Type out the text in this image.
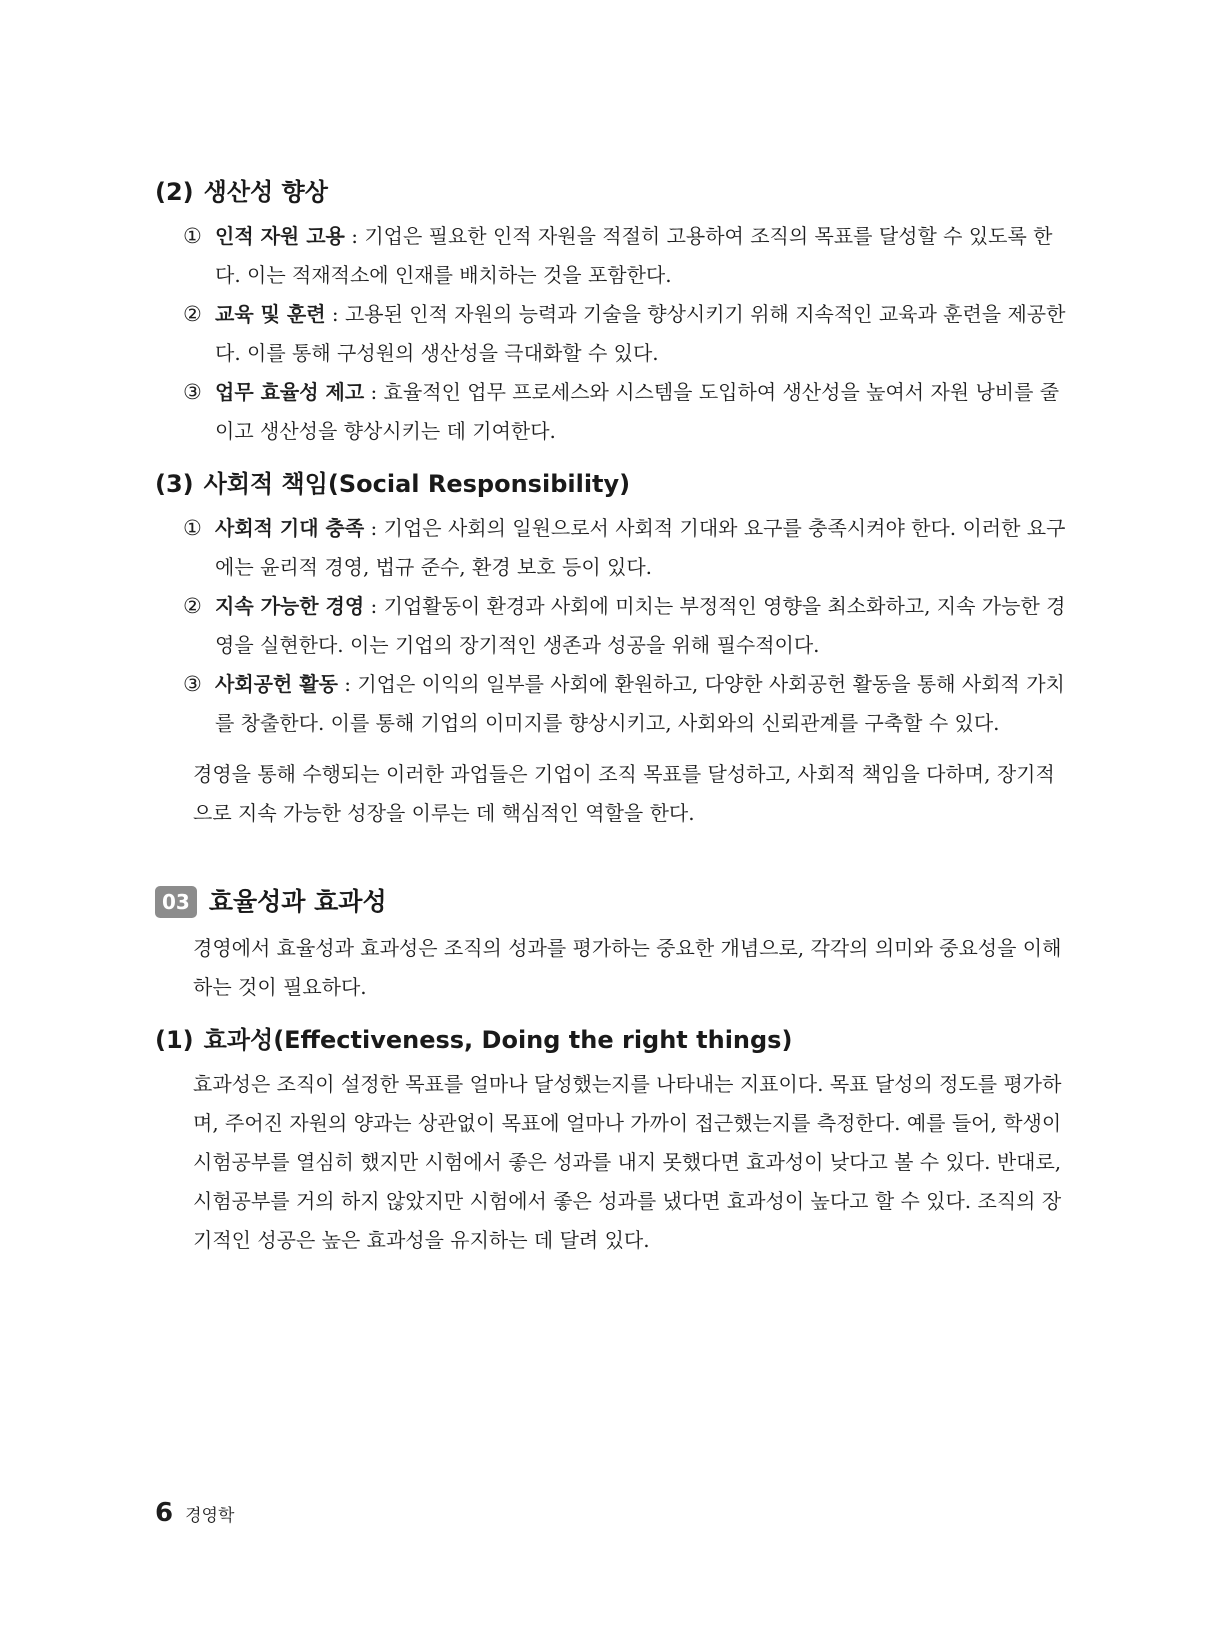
(2) 생산성 향상

① 인적 자원 고용 : 기업은 필요한 인적 자원을 적절히 고용하여 조직의 목표를 달성할 수 있도록 한다. 이는 적재적소에 인재를 배치하는 것을 포함한다.

② 교육 및 훈련 : 고용된 인적 자원의 능력과 기술을 향상시키기 위해 지속적인 교육과 훈련을 제공한다. 이를 통해 구성원의 생산성을 극대화할 수 있다.

③ 업무 효율성 제고 : 효율적인 업무 프로세스와 시스템을 도입하여 생산성을 높여서 자원 낭비를 줄이고 생산성을 향상시키는 데 기여한다.

(3) 사회적 책임(Social Responsibility)

① 사회적 기대 충족 : 기업은 사회의 일원으로서 사회적 기대와 요구를 충족시켜야 한다. 이러한 요구에는 윤리적 경영, 법규 준수, 환경 보호 등이 있다.

② 지속 가능한 경영 : 기업활동이 환경과 사회에 미치는 부정적인 영향을 최소화하고, 지속 가능한 경영을 실현한다. 이는 기업의 장기적인 생존과 성공을 위해 필수적이다.

③ 사회공헌 활동 : 기업은 이익의 일부를 사회에 환원하고, 다양한 사회공헌 활동을 통해 사회적 가치를 창출한다. 이를 통해 기업의 이미지를 향상시키고, 사회와의 신뢰관계를 구축할 수 있다.

경영을 통해 수행되는 이러한 과업들은 기업이 조직 목표를 달성하고, 사회적 책임을 다하며, 장기적으로 지속 가능한 성장을 이루는 데 핵심적인 역할을 한다.

03 효율성과 효과성

경영에서 효율성과 효과성은 조직의 성과를 평가하는 중요한 개념으로, 각각의 의미와 중요성을 이해하는 것이 필요하다.

(1) 효과성(Effectiveness, Doing the right things)

효과성은 조직이 설정한 목표를 얼마나 달성했는지를 나타내는 지표이다. 목표 달성의 정도를 평가하며, 주어진 자원의 양과는 상관없이 목표에 얼마나 가까이 접근했는지를 측정한다. 예를 들어, 학생이 시험공부를 열심히 했지만 시험에서 좋은 성과를 내지 못했다면 효과성이 낮다고 볼 수 있다. 반대로, 시험공부를 거의 하지 않았지만 시험에서 좋은 성과를 냈다면 효과성이 높다고 할 수 있다. 조직의 장기적인 성공은 높은 효과성을 유지하는 데 달려 있다.

6 경영학
